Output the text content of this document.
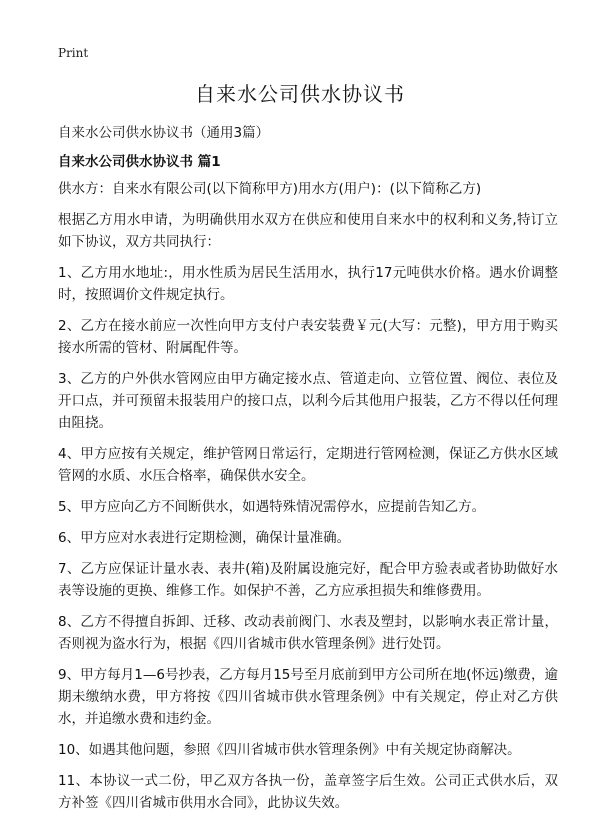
Print
自来水公司供水协议书
自来水公司供水协议书（通用3篇）
自来水公司供水协议书 篇1

供水方：自来水有限公司(以下简称甲方)用水方(用户)：(以下简称乙方)

根据乙方用水申请，为明确供用水双方在供应和使用自来水中的权利和义务,特订立如下协议，双方共同执行：

1、乙方用水地址:，用水性质为居民生活用水，执行17元吨供水价格。遇水价调整时，按照调价文件规定执行。

2、乙方在接水前应一次性向甲方支付户表安装费￥元(大写：元整)，甲方用于购买接水所需的管材、附属配件等。

3、乙方的户外供水管网应由甲方确定接水点、管道走向、立管位置、阀位、表位及开口点，并可预留未报装用户的接口点，以利今后其他用户报装，乙方不得以任何理由阻挠。

4、甲方应按有关规定，维护管网日常运行，定期进行管网检测，保证乙方供水区域管网的水质、水压合格率，确保供水安全。

5、甲方应向乙方不间断供水，如遇特殊情况需停水，应提前告知乙方。

6、甲方应对水表进行定期检测，确保计量准确。

7、乙方应保证计量水表、表井(箱)及附属设施完好，配合甲方验表或者协助做好水表等设施的更换、维修工作。如保护不善，乙方应承担损失和维修费用。

8、乙方不得擅自拆卸、迁移、改动表前阀门、水表及塑封，以影响水表正常计量，否则视为盗水行为，根据《四川省城市供水管理条例》进行处罚。

9、甲方每月1—6号抄表，乙方每月15号至月底前到甲方公司所在地(怀远)缴费，逾期未缴纳水费，甲方将按《四川省城市供水管理条例》中有关规定，停止对乙方供水，并追缴水费和违约金。

10、如遇其他问题，参照《四川省城市供水管理条例》中有关规定协商解决。

11、本协议一式二份，甲乙双方各执一份，盖章签字后生效。公司正式供水后，双方补签《四川省城市供用水合同》，此协议失效。
